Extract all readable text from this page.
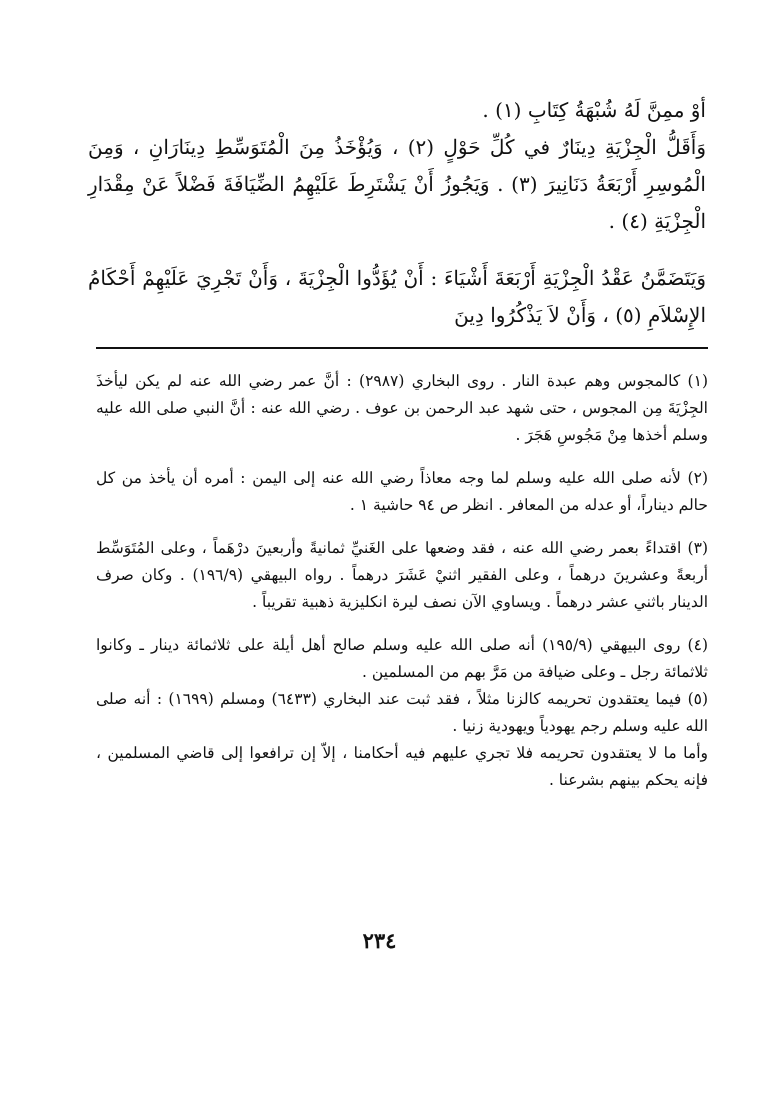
أوْ ممِنَّ لَهُ شُبْهَةُ كِتَابِ (١) .

وَأَقَلُّ الْجِزْيَةِ دِينَارٌ في كُلِّ حَوْلٍ (٢) ، وَيُؤْخَذُ مِنَ الْمُتَوَسِّطِ دِينَارَانِ ، وَمِنَ الْمُوسِرِ أَرْبَعَةُ دَنَانِيرَ (٣) . وَيَجُوزُ أَنْ يَشْتَرِطَ عَلَيْهِمُ الضِّيَافَةَ فَضْلاً عَنْ مِقْدَارِ الْجِزْيَةِ (٤) .

وَيَتَضَمَّنُ عَقْدُ الْجِزْيَةِ أَرْبَعَةَ أَشْيَاءَ : أَنْ يُؤَدُّوا الْجِزْيَةَ ، وَأَنْ تَجْرِيَ عَلَيْهِمْ أَحْكَامُ الإِسْلاَمِ (٥) ، وَأَنْ لاَ يَذْكُرُوا دِينَ

(١) كالمجوس وهم عبدة النار . روى البخاري (٢٩٨٧) : أنَّ عمر رضي الله عنه لم يكن ليأخذَ الجِزْيَةَ مِن المجوس ، حتى شهد عبد الرحمن بن عوف . رضي الله عنه : أنَّ النبي صلى الله عليه وسلم أخذها مِنْ مَجُوسِ هَجَرَ .

(٢) لأنه صلى الله عليه وسلم لما وجه معاذاً رضي الله عنه إلى اليمن : أمره أن يأخذ من كل حالم ديناراً، أو عدله من المعافر . انظر ص ٩٤ حاشية ١ .

(٣) اقتداءً بعمر رضي الله عنه ، فقد وضعها على الغَنيِّ ثمانيةً وأربعينَ درْهَماً ، وعلى المُتَوَسِّط أربعةً وعشرينَ درهماً ، وعلى الفقير اثنيْ عَشَرَ درهماً . رواه البيهقي (١٩٦/٩) . وكان صرف الدينار باثني عشر درهماً . ويساوي الآن نصف ليرة انكليزية ذهبية تقريباً .

(٤) روى البيهقي (١٩٥/٩) أنه صلى الله عليه وسلم صالح أهل أيلة على ثلاثمائة دينار ـ وكانوا ثلاثمائة رجل ـ وعلى ضيافة من مَرَّ بهم من المسلمين .

(٥) فيما يعتقدون تحريمه كالزنا مثلاً ، فقد ثبت عند البخاري (٦٤٣٣) ومسلم (١٦٩٩) : أنه صلى الله عليه وسلم رجم يهودياً ويهودية زنيا .

وأما ما لا يعتقدون تحريمه فلا تجري عليهم فيه أحكامنا ، إلاّ إن ترافعوا إلى قاضي المسلمين ، فإنه يحكم بينهم بشرعنا .

٢٣٤
